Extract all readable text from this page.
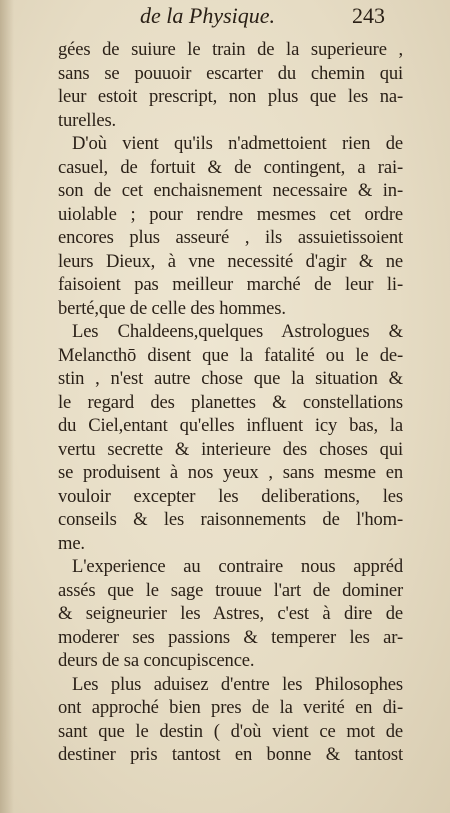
de la Physique.	243
gées de suiure le train de la superieure ,
sans se pouuoir escarter du chemin qui
leur estoit prescript, non plus que les na-
turelles.
D'où vient qu'ils n'admettoient rien de
casuel, de fortuit & de contingent, a rai-
son de cet enchaisnement necessaire & in-
uiolable ; pour rendre mesmes cet ordre
encores plus asseuré , ils assuietissoient
leurs Dieux, à vne necessité d'agir & ne
faisoient pas meilleur marché de leur li-
berté,que de celle des hommes.
Les Chaldeens,quelques Astrologues &
Melancthō disent que la fatalité ou le de-
stin , n'est autre chose que la situation &
le regard des planettes & constellations
du Ciel,entant qu'elles influent icy bas, la
vertu secrette & interieure des choses qui
se produisent à nos yeux , sans mesme en
vouloir excepter les deliberations, les
conseils & les raisonnements de l'hom-
me.
L'experience au contraire nous appréd
assés que le sage trouue l'art de dominer
& seigneurier les Astres, c'est à dire de
moderer ses passions & temperer les ar-
deurs de sa concupiscence.
Les plus aduisez d'entre les Philosophes
ont approché bien pres de la verité en di-
sant que le destin ( d'où vient ce mot de
destiner pris tantost en bonne & tantost
